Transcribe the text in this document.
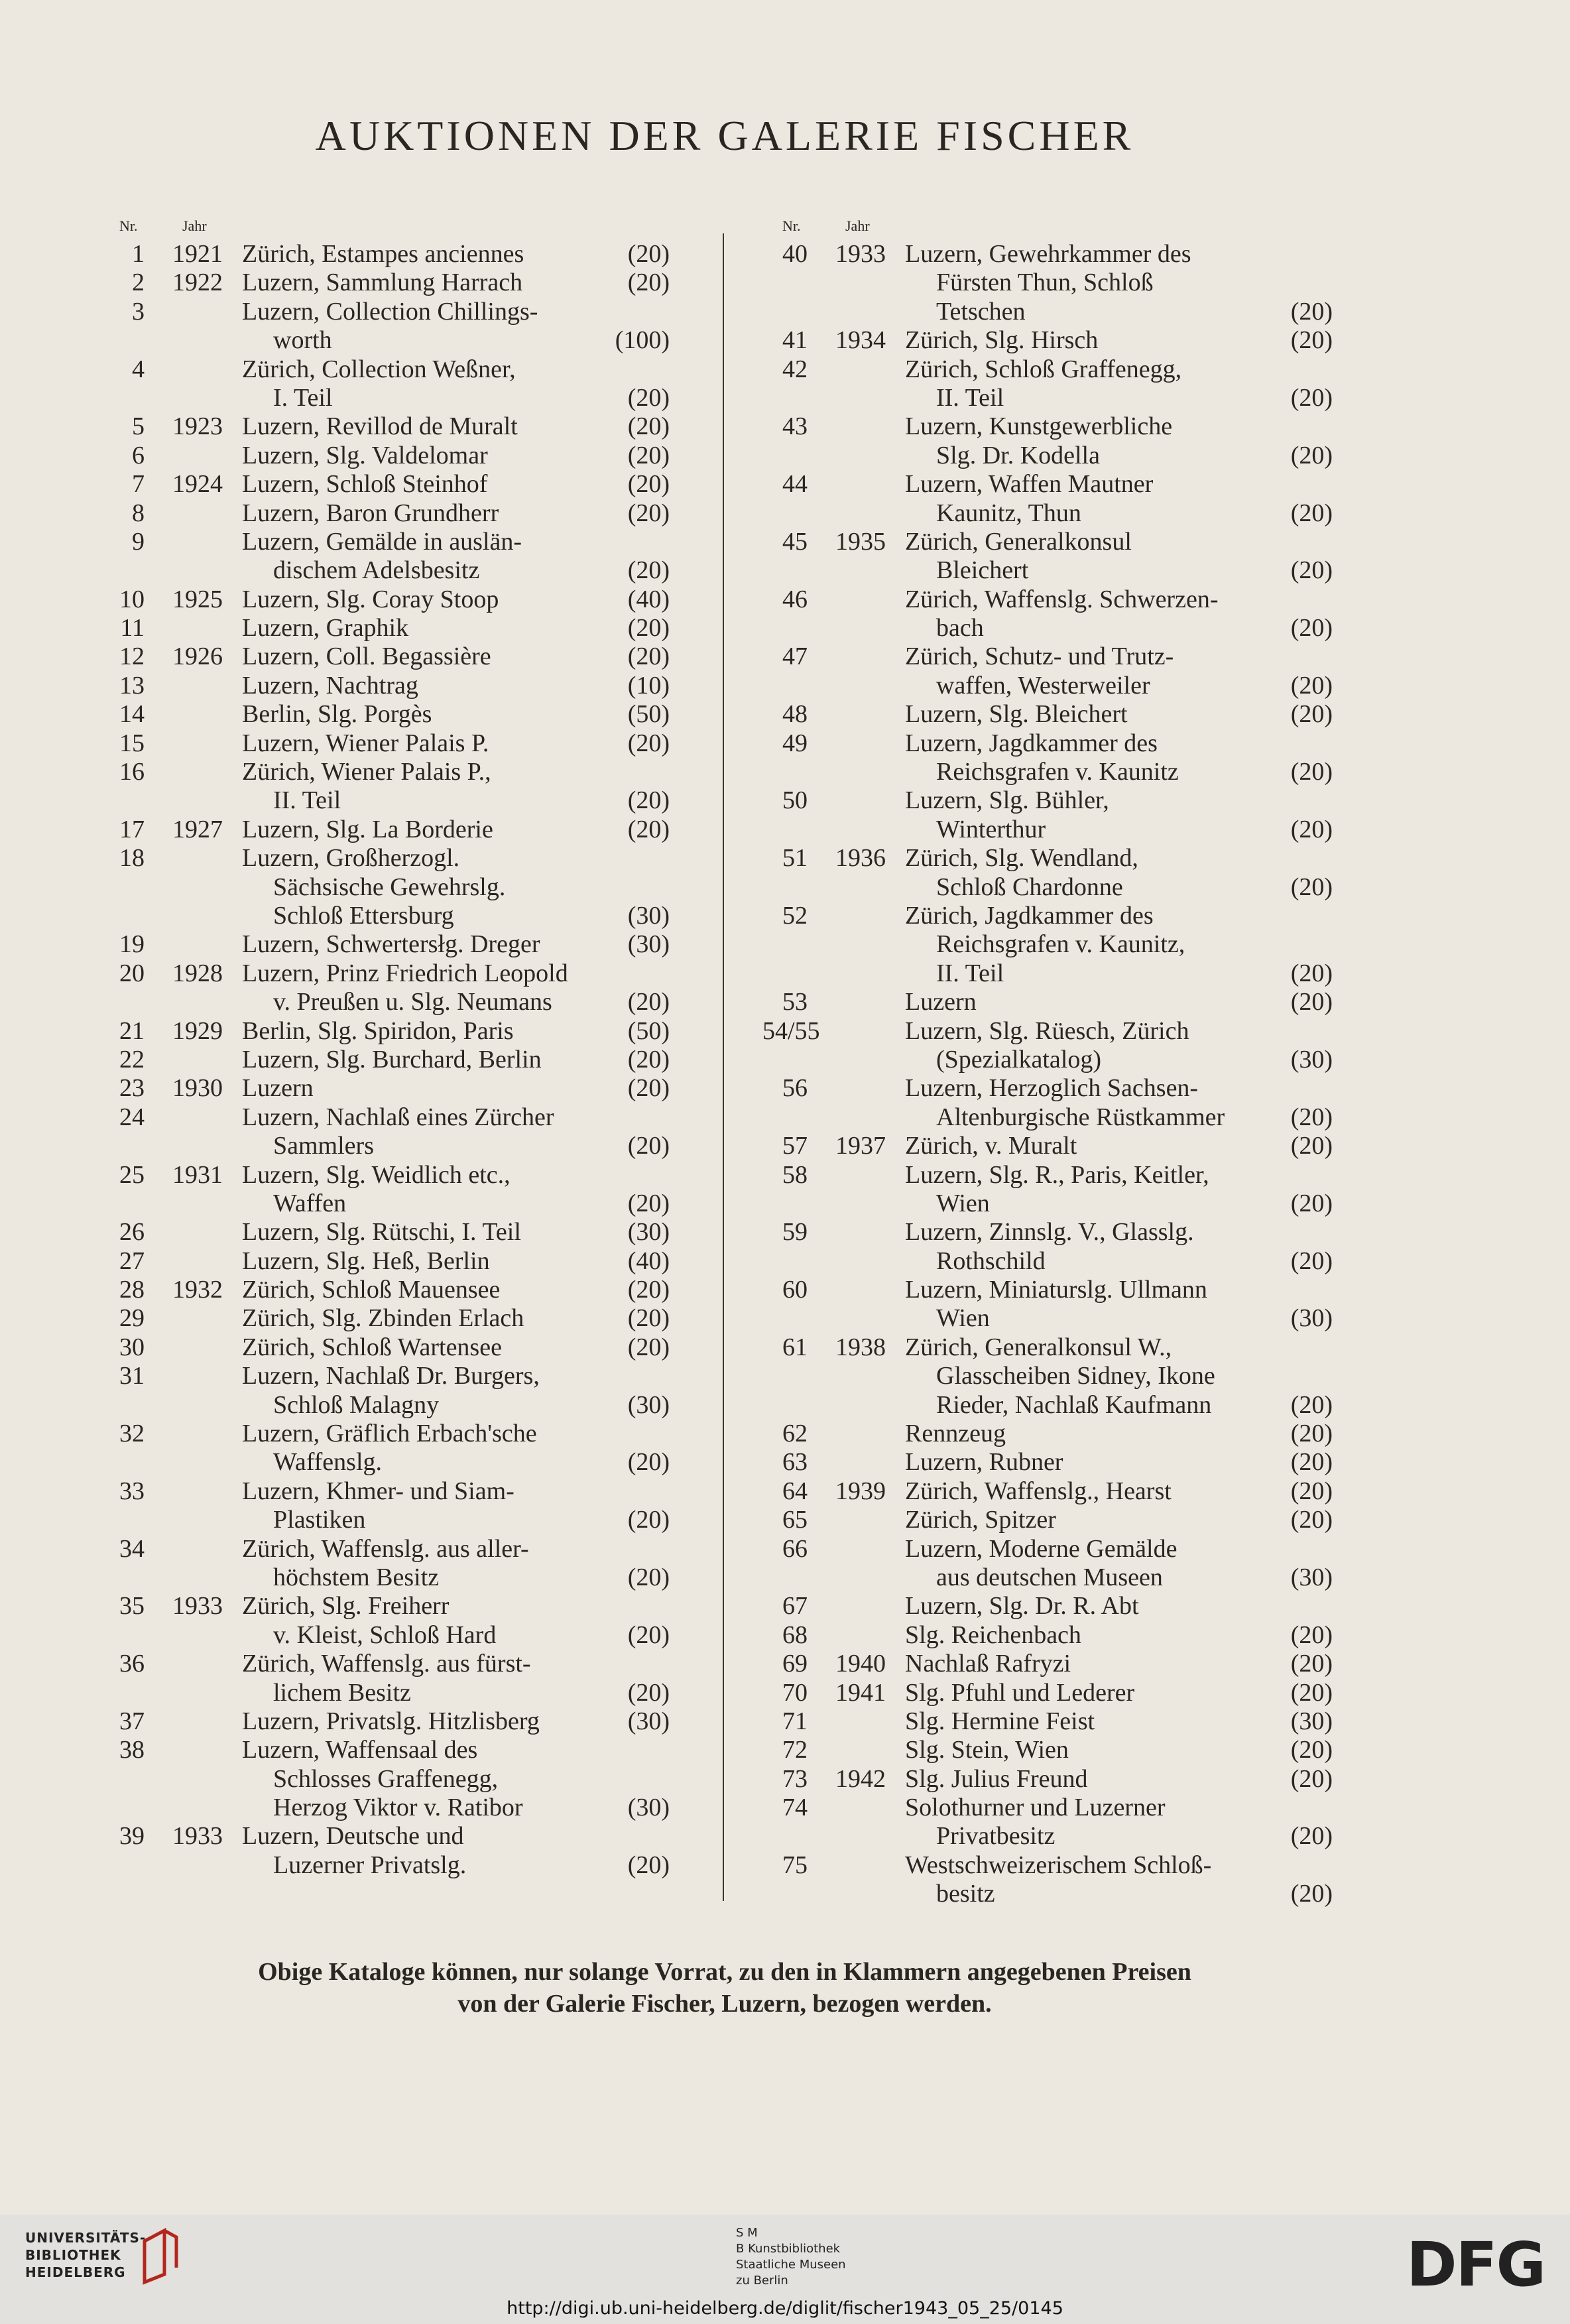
AUKTIONEN DER GALERIE FISCHER
Nr.	Jahr
1 1921 Zürich, Estampes anciennes	(20)
2 1922 Luzern, Sammlung Harrach	(20)
3	Luzern, Collection Chillings-
worth	(100)
4	Zürich, Collection Weßner,
I. Teil	(20)
5 1923 Luzern, Revillod de Muralt	(20)
6	Luzern, Slg. Valdelomar	(20)
7 1924 Luzern, Schloß Steinhof	(20)
8	Luzern, Baron Grundherr	(20)
9	Luzern, Gemälde in auslän-
dischem Adelsbesitz	(20)
10 1925 Luzern, Slg. Coray Stoop	(40)
11	Luzern, Graphik	(20)
12 1926 Luzern, Coll. Begassière	(20)
13	Luzern, Nachtrag	(10)
14	Berlin, Slg. Porgès	(50)
15	Luzern, Wiener Palais P.	(20)
16	Zürich, Wiener Palais P.,
II. Teil	(20)
17 1927 Luzern, Slg. La Borderie	(20)
18	Luzern, Großherzogl.
Sächsische Gewehrslg.
Schloß Ettersburg	(30)
19	Luzern, Schwertersłg. Dreger	(30)
20 1928 Luzern, Prinz Friedrich Leopold
v. Preußen u. Slg. Neumans	(20)
21 1929 Berlin, Slg. Spiridon, Paris	(50)
22	Luzern, Slg. Burchard, Berlin	(20)
23 1930 Luzern	(20)
24	Luzern, Nachlaß eines Zürcher
Sammlers	(20)
25 1931 Luzern, Slg. Weidlich etc.,
Waffen	(20)
26	Luzern, Slg. Rütschi, I. Teil	(30)
27	Luzern, Slg. Heß, Berlin	(40)
28 1932 Zürich, Schloß Mauensee	(20)
29	Zürich, Slg. Zbinden Erlach	(20)
30	Zürich, Schloß Wartensee	(20)
31	Luzern, Nachlaß Dr. Burgers,
Schloß Malagny	(30)
32	Luzern, Gräflich Erbach'sche
Waffenslg.	(20)
33	Luzern, Khmer- und Siam-
Plastiken	(20)
34	Zürich, Waffenslg. aus aller-
höchstem Besitz	(20)
35 1933 Zürich, Slg. Freiherr
v. Kleist, Schloß Hard	(20)
36	Zürich, Waffenslg. aus fürst-
lichem Besitz	(20)
37	Luzern, Privatslg. Hitzlisberg	(30)
38	Luzern, Waffensaal des
Schlosses Graffenegg,
Herzog Viktor v. Ratibor	(30)
39 1933 Luzern, Deutsche und
Luzerner Privatslg.	(20)
Nr.	Jahr
40 1933 Luzern, Gewehrkammer des
Fürsten Thun, Schloß
Tetschen	(20)
41 1934 Zürich, Slg. Hirsch	(20)
42	Zürich, Schloß Graffenegg,
II. Teil	(20)
43	Luzern, Kunstgewerbliche
Slg. Dr. Kodella	(20)
44	Luzern, Waffen Mautner
Kaunitz, Thun	(20)
45 1935 Zürich, Generalkonsul
Bleichert	(20)
46	Zürich, Waffenslg. Schwerzen-
bach	(20)
47	Zürich, Schutz- und Trutz-
waffen, Westerweiler	(20)
48	Luzern, Slg. Bleichert	(20)
49	Luzern, Jagdkammer des
Reichsgrafen v. Kaunitz	(20)
50	Luzern, Slg. Bühler,
Winterthur	(20)
51 1936 Zürich, Slg. Wendland,
Schloß Chardonne	(20)
52	Zürich, Jagdkammer des
Reichsgrafen v. Kaunitz,
II. Teil	(20)
53	Luzern	(20)
54/55	Luzern, Slg. Rüesch, Zürich
(Spezialkatalog)	(30)
56	Luzern, Herzoglich Sachsen-
Altenburgische Rüstkammer	(20)
57 1937 Zürich, v. Muralt	(20)
58	Luzern, Slg. R., Paris, Keitler,
Wien	(20)
59	Luzern, Zinnslg. V., Glasslg.
Rothschild	(20)
60	Luzern, Miniaturslg. Ullmann
Wien	(30)
61 1938 Zürich, Generalkonsul W.,
Glasscheiben Sidney, Ikone
Rieder, Nachlaß Kaufmann	(20)
62	Rennzeug	(20)
63	Luzern, Rubner	(20)
64 1939 Zürich, Waffenslg., Hearst	(20)
65	Zürich, Spitzer	(20)
66	Luzern, Moderne Gemälde
aus deutschen Museen	(30)
67	Luzern, Slg. Dr. R. Abt
68	Slg. Reichenbach	(20)
69 1940 Nachlaß Rafryzi	(20)
70 1941 Slg. Pfuhl und Lederer	(20)
71	Slg. Hermine Feist	(30)
72	Slg. Stein, Wien	(20)
73 1942 Slg. Julius Freund	(20)
74	Solothurner und Luzerner
Privatbesitz	(20)
75	Westschweizerischem Schloß-
besitz	(20)
Obige Kataloge können, nur solange Vorrat, zu den in Klammern angegebenen Preisen
von der Galerie Fischer, Luzern, bezogen werden.
UNIVERSITÄTS-
BIBLIOTHEK
HEIDELBERG
S M
B Kunstbibliothek
Staatliche Museen
zu Berlin	DFG
http://digi.ub.uni-heidelberg.de/diglit/fischer1943_05_25/0145
